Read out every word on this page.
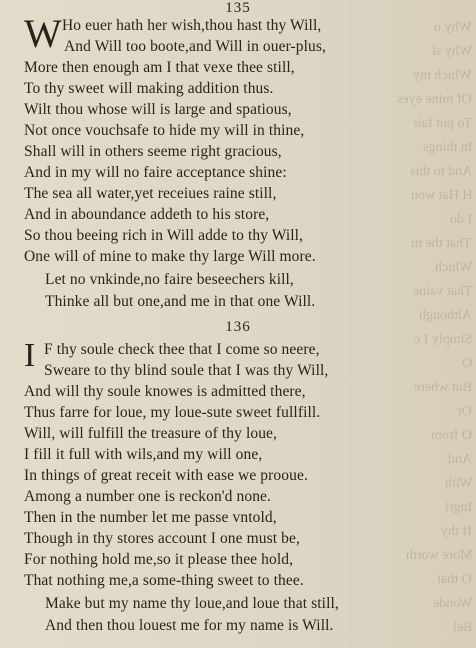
Why o
Why sl
Which my
Of mine eyes
To put fair
In things
And to this
H Hat wou
I do
That the m
Which
That vaine
Although
Simply I c
O
But where
Or
O from
And
With
Ingri
If thy
More worth
O that
Wonde
Bel
135
W Ho euer hath her wish,thou hast thy Will,
And Will too boote,and Will in ouer-plus,
More then enough am I that vexe thee still,
To thy sweet will making addition thus.
Wilt thou whose will is large and spatious,
Not once vouchsafe to hide my will in thine,
Shall will in others seeme right gracious,
And in my will no faire acceptance shine:
The sea all water,yet receiues raine still,
And in aboundance addeth to his store,
So thou beeing rich in Will adde to thy Will,
One will of mine to make thy large Will more.
Let no vnkinde,no faire beseechers kill,
Thinke all but one,and me in that one Will.
136
I F thy soule check thee that I come so neere,
Sweare to thy blind soule that I was thy Will,
And will thy soule knowes is admitted there,
Thus farre for loue, my loue-sute sweet fullfill.
Will, will fulfill the treasure of thy loue,
I fill it full with wils,and my will one,
In things of great receit with ease we prooue.
Among a number one is reckon'd none.
Then in the number let me passe vntold,
Though in thy stores account I one must be,
For nothing hold me,so it please thee hold,
That nothing me,a some-thing sweet to thee.
Make but my name thy loue,and loue that still,
And then thou louest me for my name is Will.
